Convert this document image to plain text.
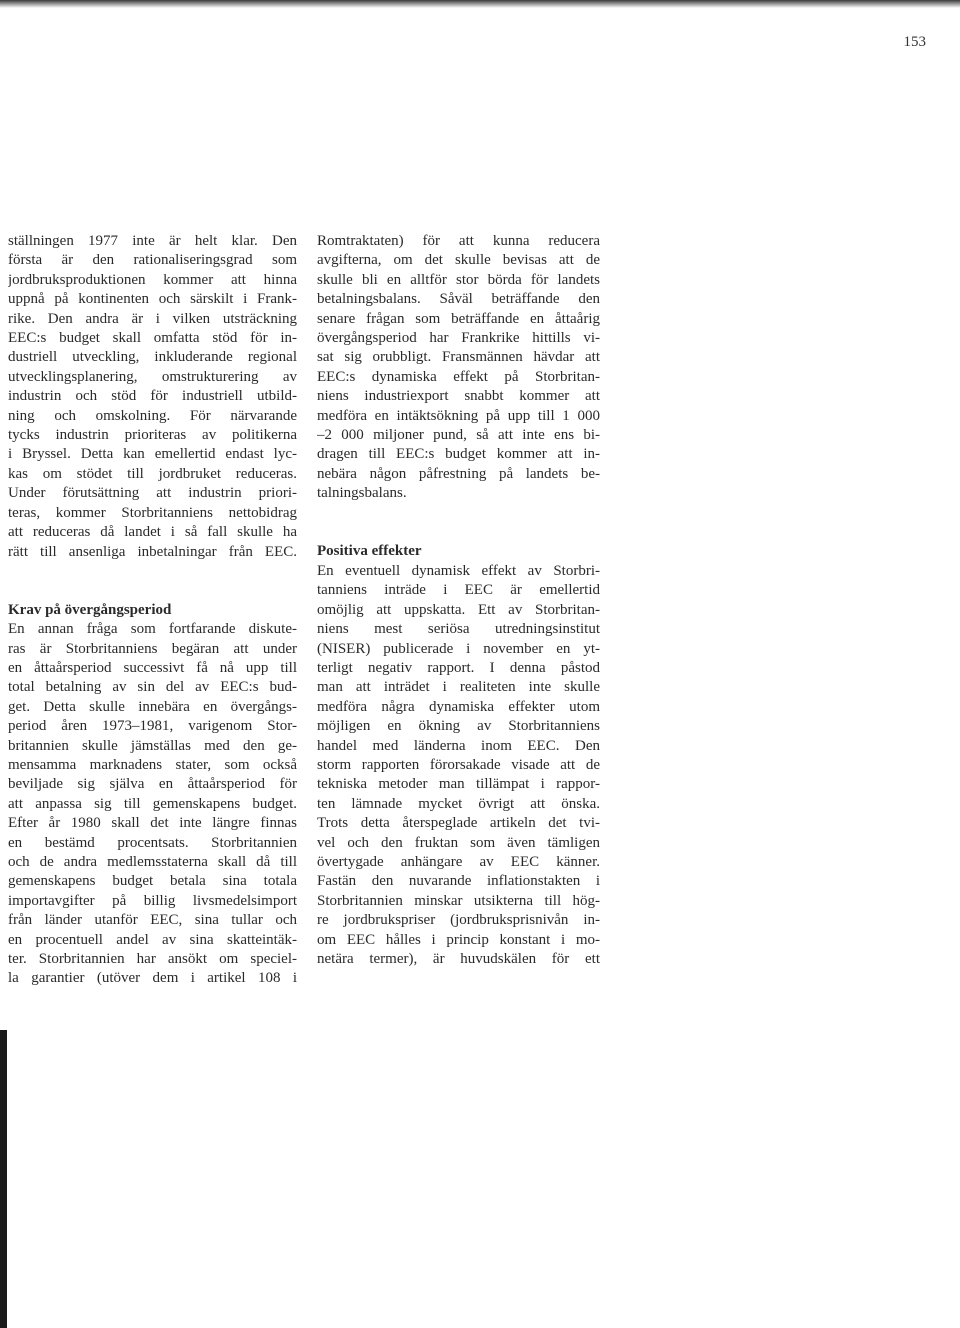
153
ställningen 1977 inte är helt klar. Den
första är den rationaliseringsgrad som
jordbruksproduktionen kommer att hinna
uppnå på kontinenten och särskilt i Frank-
rike. Den andra är i vilken utsträckning
EEC:s budget skall omfatta stöd för in-
dustriell utveckling, inkluderande regional
utvecklingsplanering, omstrukturering av
industrin och stöd för industriell utbild-
ning och omskolning. För närvarande
tycks industrin prioriteras av politikerna
i Bryssel. Detta kan emellertid endast lyc-
kas om stödet till jordbruket reduceras.
Under förutsättning att industrin priori-
teras, kommer Storbritanniens nettobidrag
att reduceras då landet i så fall skulle ha
rätt till ansenliga inbetalningar från EEC.
Krav på övergångsperiod
En annan fråga som fortfarande diskute-
ras är Storbritanniens begäran att under
en åttaårsperiod successivt få nå upp till
total betalning av sin del av EEC:s bud-
get. Detta skulle innebära en övergångs-
period åren 1973–1981, varigenom Stor-
britannien skulle jämställas med den ge-
mensamma marknadens stater, som också
beviljade sig själva en åttaårsperiod för
att anpassa sig till gemenskapens budget.
Efter år 1980 skall det inte längre finnas
en bestämd procentsats. Storbritannien
och de andra medlemsstaterna skall då till
gemenskapens budget betala sina totala
importavgifter på billig livsmedelsimport
från länder utanför EEC, sina tullar och
en procentuell andel av sina skatteintäk-
ter. Storbritannien har ansökt om speciel-
la garantier (utöver dem i artikel 108 i
Romtraktaten) för att kunna reducera
avgifterna, om det skulle bevisas att de
skulle bli en alltför stor börda för landets
betalningsbalans. Såväl beträffande den
senare frågan som beträffande en åttaårig
övergångsperiod har Frankrike hittills vi-
sat sig orubbligt. Fransmännen hävdar att
EEC:s dynamiska effekt på Storbritan-
niens industriexport snabbt kommer att
medföra en intäktsökning på upp till 1 000
–2 000 miljoner pund, så att inte ens bi-
dragen till EEC:s budget kommer att in-
nebära någon påfrestning på landets be-
talningsbalans.
Positiva effekter
En eventuell dynamisk effekt av Storbri-
tanniens inträde i EEC är emellertid
omöjlig att uppskatta. Ett av Storbritan-
niens mest seriösa utredningsinstitut
(NISER) publicerade i november en yt-
terligt negativ rapport. I denna påstod
man att inträdet i realiteten inte skulle
medföra några dynamiska effekter utom
möjligen en ökning av Storbritanniens
handel med länderna inom EEC. Den
storm rapporten förorsakade visade att de
tekniska metoder man tillämpat i rappor-
ten lämnade mycket övrigt att önska.
Trots detta återspeglade artikeln det tvi-
vel och den fruktan som även tämligen
övertygade anhängare av EEC känner.
Fastän den nuvarande inflationstakten i
Storbritannien minskar utsikterna till hög-
re jordbrukspriser (jordbruksprisnivån in-
om EEC hålles i princip konstant i mo-
netära termer), är huvudskälen för ett
